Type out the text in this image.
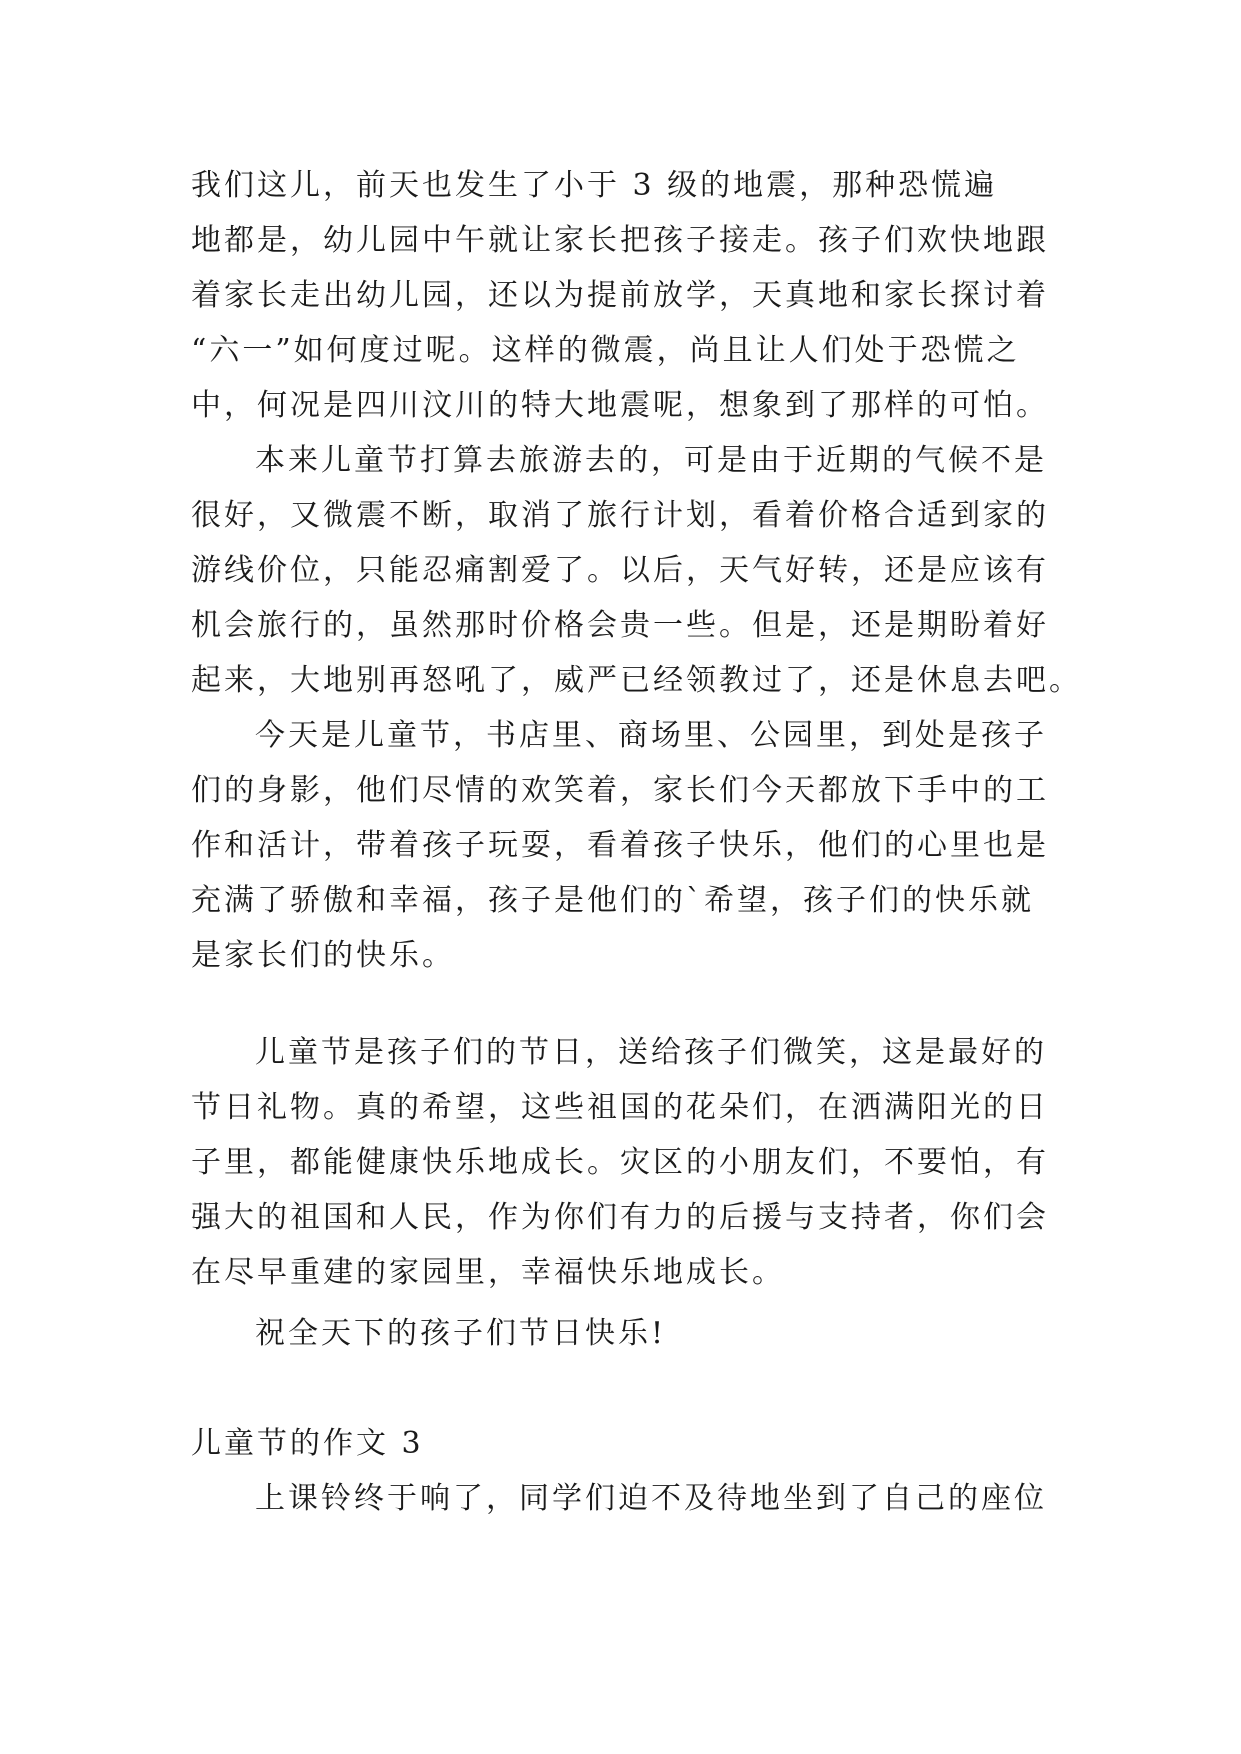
我们这儿，前天也发生了小于 3 级的地震，那种恐慌遍

地都是，幼儿园中午就让家长把孩子接走。孩子们欢快地跟

着家长走出幼儿园，还以为提前放学，天真地和家长探讨着

“六一”如何度过呢。这样的微震，尚且让人们处于恐慌之

中，何况是四川汶川的特大地震呢，想象到了那样的可怕。

本来儿童节打算去旅游去的，可是由于近期的气候不是

很好，又微震不断，取消了旅行计划，看着价格合适到家的

游线价位，只能忍痛割爱了。以后，天气好转，还是应该有

机会旅行的，虽然那时价格会贵一些。但是，还是期盼着好

起来，大地别再怒吼了，威严已经领教过了，还是休息去吧。

今天是儿童节，书店里、商场里、公园里，到处是孩子

们的身影，他们尽情的欢笑着，家长们今天都放下手中的工

作和活计，带着孩子玩耍，看着孩子快乐，他们的心里也是

充满了骄傲和幸福，孩子是他们的`希望，孩子们的快乐就

是家长们的快乐。

儿童节是孩子们的节日，送给孩子们微笑，这是最好的

节日礼物。真的希望，这些祖国的花朵们，在洒满阳光的日

子里，都能健康快乐地成长。灾区的小朋友们，不要怕，有

强大的祖国和人民，作为你们有力的后援与支持者，你们会

在尽早重建的家园里，幸福快乐地成长。

祝全天下的孩子们节日快乐!

儿童节的作文 3

上课铃终于响了，同学们迫不及待地坐到了自己的座位
